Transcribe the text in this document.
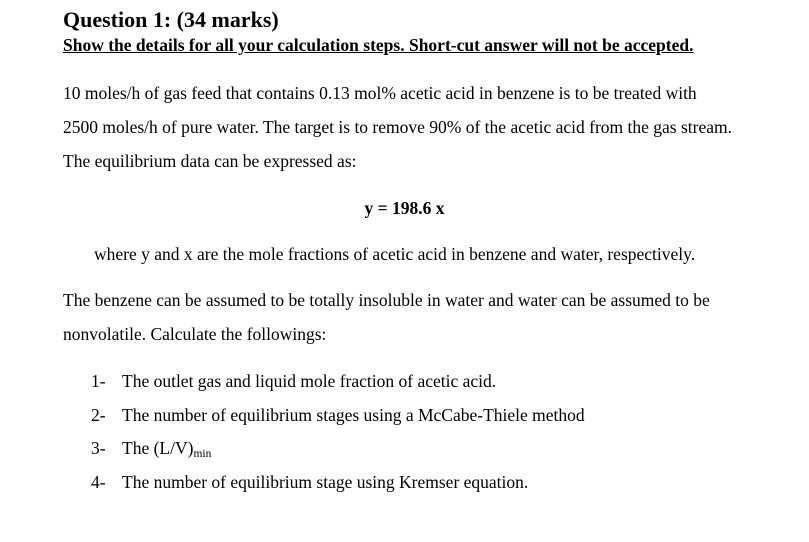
Question 1: (34 marks)
Show the details for all your calculation steps. Short-cut answer will not be accepted.
10 moles/h of gas feed that contains 0.13 mol% acetic acid in benzene is to be treated with
2500 moles/h of pure water. The target is to remove 90% of the acetic acid from the gas stream.
The equilibrium data can be expressed as:
y = 198.6 x
where y and x are the mole fractions of acetic acid in benzene and water, respectively.
The benzene can be assumed to be totally insoluble in water and water can be assumed to be
nonvolatile. Calculate the followings:
1- The outlet gas and liquid mole fraction of acetic acid.
2- The number of equilibrium stages using a McCabe-Thiele method
3- The $(L/V)_{min}$
4- The number of equilibrium stage using Kremser equation.
